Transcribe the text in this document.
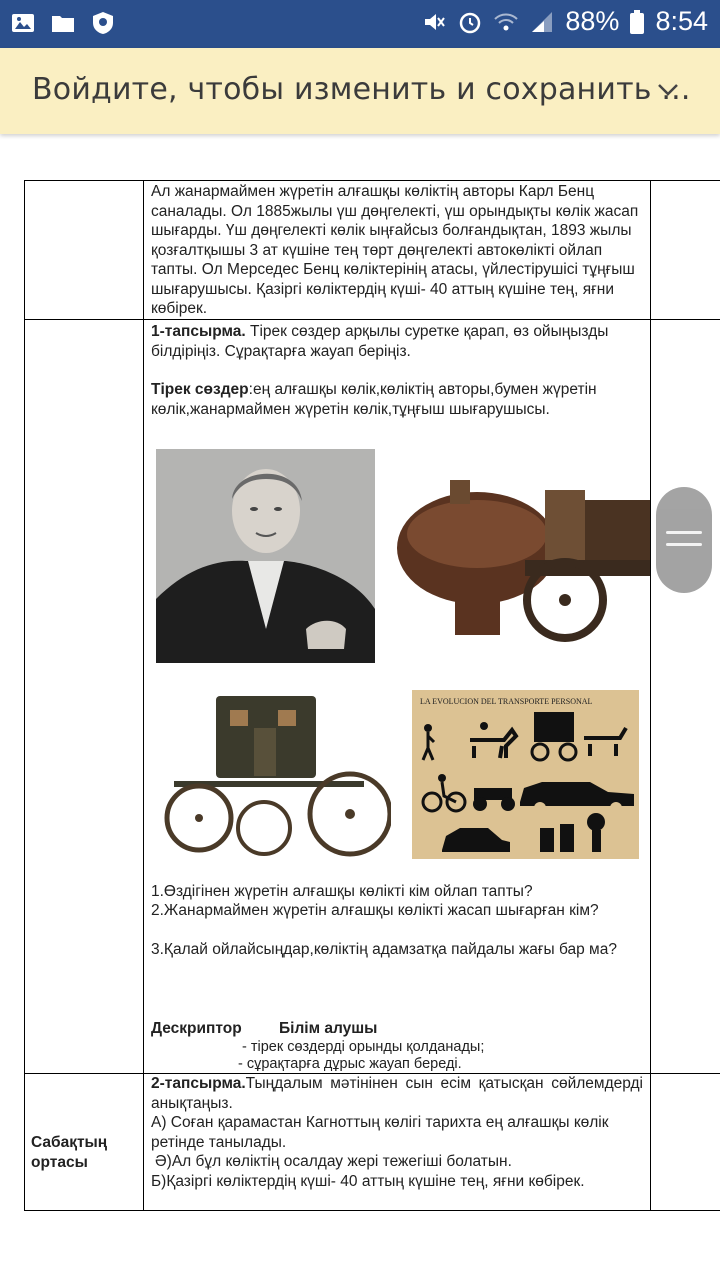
88% 8:54
Войдите, чтобы изменить и сохранить ...
Ал жанармаймен жүретін алғашқы көліктің авторы Карл Бенц саналады. Ол 1885жылы үш дөңгелекті, үш орындықты көлік жасап шығарды. Үш дөңгелекті көлік ыңғайсыз болғандықтан, 1893 жылы қозғалтқышы 3 ат күшіне тең төрт дөңгелекті автокөлікті ойлап тапты. Ол Мерседес Бенц көліктерінің атасы, үйлестірушісі тұңғыш шығарушысы. Қазіргі көліктердің күші- 40 аттың күшіне тең, яғни көбірек.
1-тапсырма. Тірек сөздер арқылы суретке қарап, өз ойыңызды білдіріңіз. Сұрақтарға жауап беріңіз.
Тірек сөздер:ең алғашқы көлік,көліктің авторы,бумен жүретін көлік,жанармаймен жүретін көлік,тұңғыш шығарушысы.
LA EVOLUCION DEL TRANSPORTE PERSONAL
1.Өздігінен жүретін алғашқы көлікті кім ойлап тапты?
2.Жанармаймен жүретін алғашқы көлікті жасап шығарған кім?
3.Қалай ойлайсыңдар,көліктің адамзатқа пайдалы жағы бар ма?
Дескриптор Білім алушы
- тірек сөздерді орынды қолданады;
- сұрақтарға дұрыс жауап береді.
Сабақтың ортасы
2-тапсырма.Тыңдалым мәтінінен сын есім қатысқан сөйлемдерді анықтаңыз.
А) Соған қарамастан Кагноттың көлігі тарихта ең алғашқы көлік ретінде танылады.
Ә)Ал бұл көліктің осалдау жері тежегіші болатын.
Б)Қазіргі көліктердің күші- 40 аттың күшіне тең, яғни көбірек.
